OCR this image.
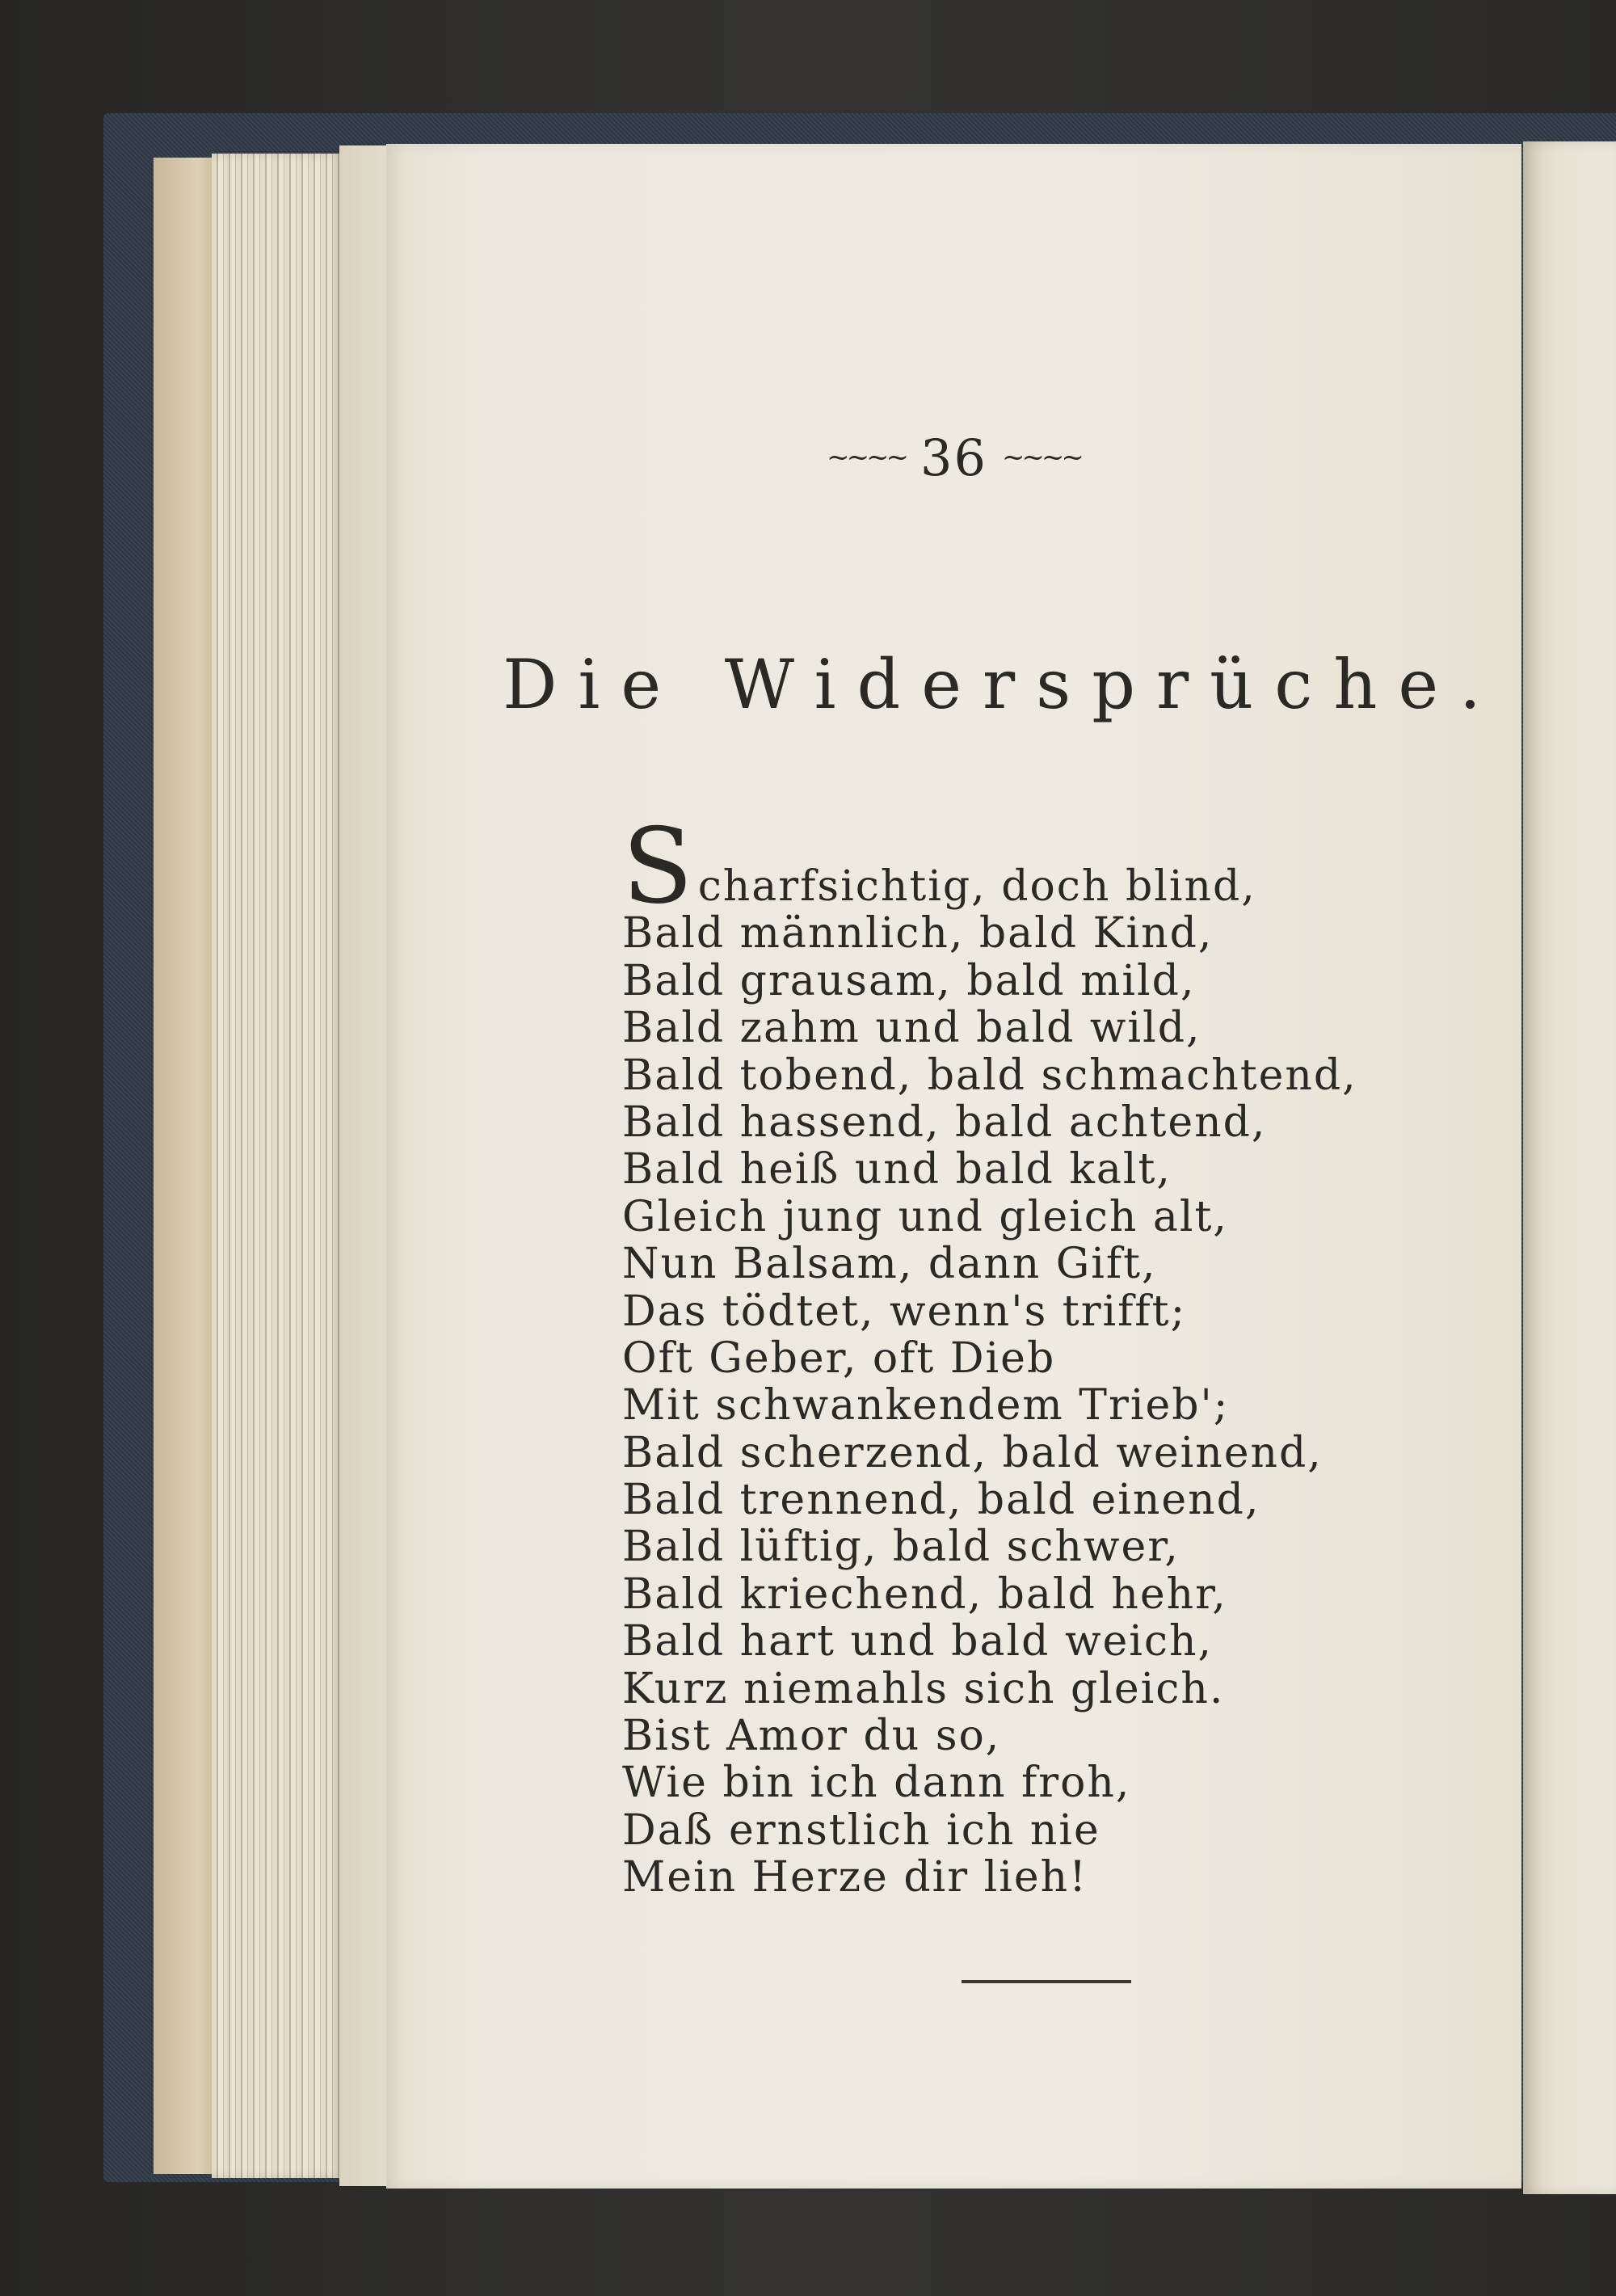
~~~~ 36 ~~~~
Die Widersprüche.
Scharfsichtig, doch blind,
Bald männlich, bald Kind,
Bald grausam, bald mild,
Bald zahm und bald wild,
Bald tobend, bald schmachtend,
Bald hassend, bald achtend,
Bald heiß und bald kalt,
Gleich jung und gleich alt,
Nun Balsam, dann Gift,
Das tödtet, wenn's trifft;
Oft Geber, oft Dieb
Mit schwankendem Trieb';
Bald scherzend, bald weinend,
Bald trennend, bald einend,
Bald lüftig, bald schwer,
Bald kriechend, bald hehr,
Bald hart und bald weich,
Kurz niemahls sich gleich.
Bist Amor du so,
Wie bin ich dann froh,
Daß ernstlich ich nie
Mein Herze dir lieh!
